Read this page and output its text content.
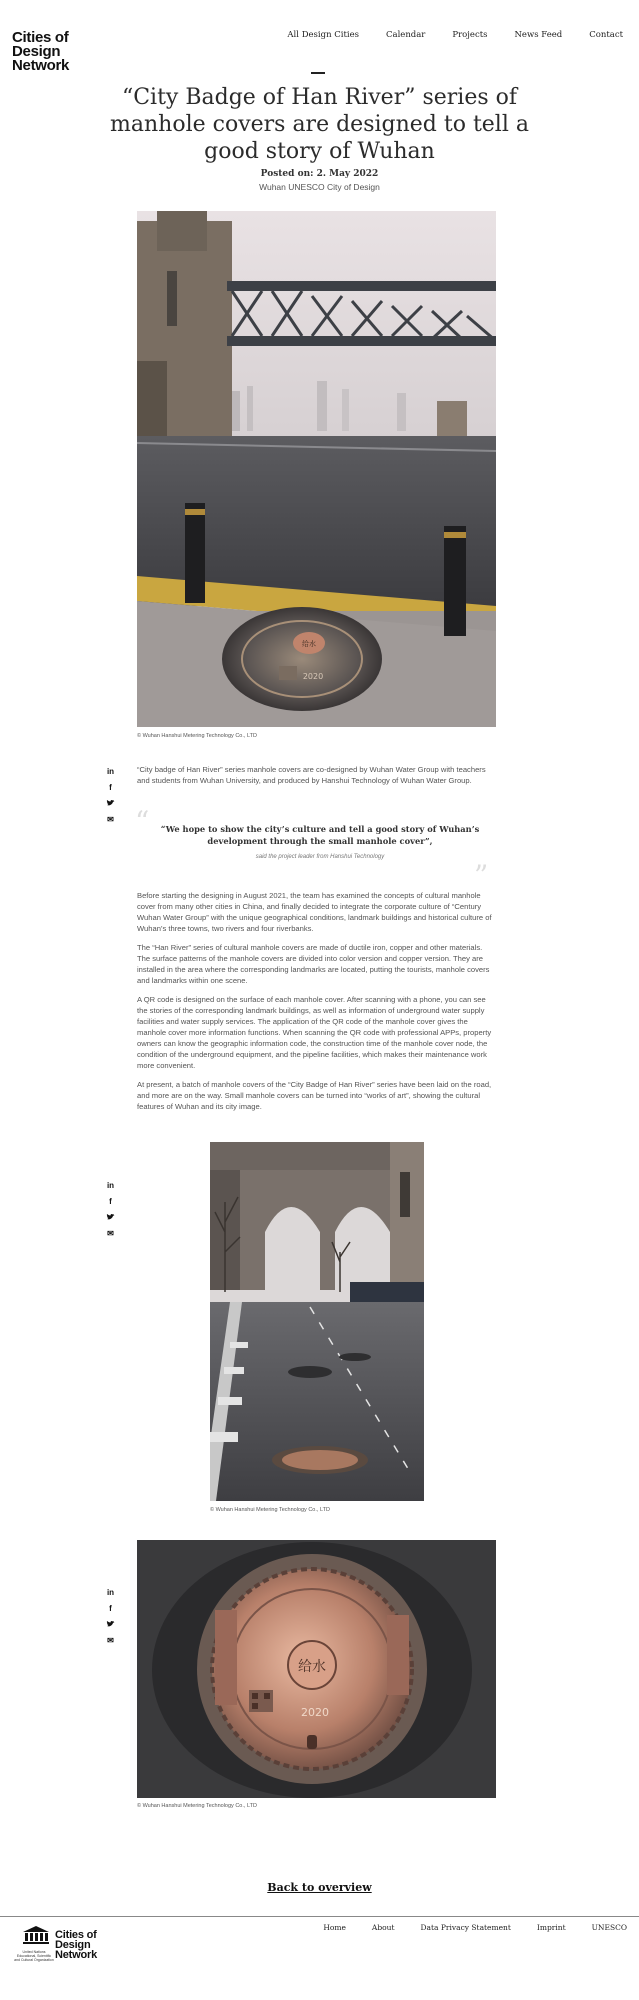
Cities of
Design
Network
All Design Cities	Calendar	Projects	News Feed	Contact
“City Badge of Han River” series of manhole covers are designed to tell a good story of Wuhan
Posted on: 2. May 2022
Wuhan UNESCO City of Design
给水
2020
© Wuhan Hanshui Metering Technology Co., LTD
in
f
✉

“City badge of Han River” series manhole covers are co-designed by Wuhan Water Group with teachers and students from Wuhan University, and produced by Hanshui Technology of Wuhan Water Group.

“ “We hope to show the city’s culture and tell a good story of Wuhan’s development through the small manhole cover”,
said the project leader from Hanshui Technology
”

Before starting the designing in August 2021, the team has examined the concepts of cultural manhole cover from many other cities in China, and finally decided to integrate the corporate culture of “Century Wuhan Water Group” with the unique geographical conditions, landmark buildings and historical culture of Wuhan’s three towns, two rivers and four riverbanks.

The “Han River” series of cultural manhole covers are made of ductile iron, copper and other materials. The surface patterns of the manhole covers are divided into color version and copper version. They are installed in the area where the corresponding landmarks are located, putting the tourists, manhole covers and landmarks within one scene.

A QR code is designed on the surface of each manhole cover. After scanning with a phone, you can see the stories of the corresponding landmark buildings, as well as information of underground water supply facilities and water supply services. The application of the QR code of the manhole cover gives the manhole cover more information functions. When scanning the QR code with professional APPs, property owners can know the geographic information code, the construction time of the manhole cover node, the condition of the underground equipment, and the pipeline facilities, which makes their maintenance work more convenient.

At present, a batch of manhole covers of the “City Badge of Han River” series have been laid on the road, and more are on the way. Small manhole covers can be turned into “works of art”, showing the cultural features of Wuhan and its city image.

in
f
✉
© Wuhan Hanshui Metering Technology Co., LTD
in
f
✉
给水
2020
© Wuhan Hanshui Metering Technology Co., LTD
Back to overview
United Nations Educational, Scientific and Cultural Organization
Cities of
Design
Network
Home	About	Data Privacy Statement	Imprint	UNESCO
